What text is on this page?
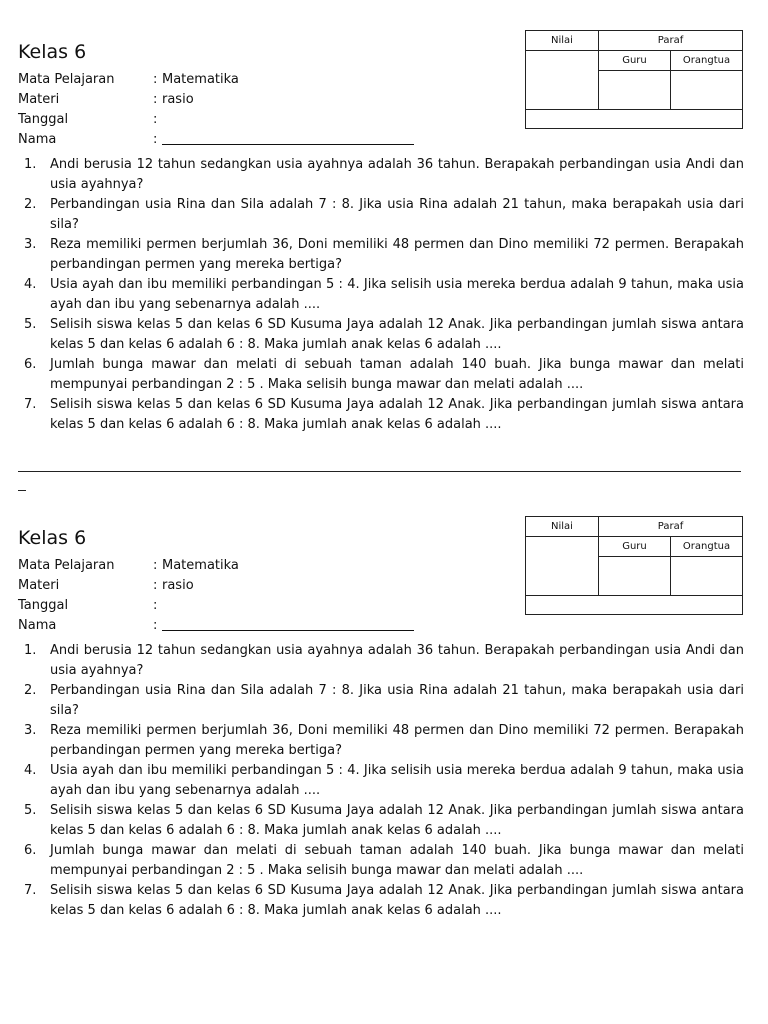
Kelas 6
Mata Pelajaran	: Matematika
Materi	: rasio
Tanggal	:
Nama	:
Nilai	Paraf
Guru	Orangtua
1. Andi berusia 12 tahun sedangkan usia ayahnya adalah 36 tahun. Berapakah perbandingan usia Andi dan usia ayahnya?
2. Perbandingan usia Rina dan Sila adalah 7 : 8. Jika usia Rina adalah 21 tahun, maka berapakah usia dari sila?
3. Reza memiliki permen berjumlah 36, Doni memiliki 48 permen dan Dino memiliki 72 permen. Berapakah perbandingan permen yang mereka bertiga?
4. Usia ayah dan ibu memiliki perbandingan 5 : 4. Jika selisih usia mereka berdua adalah 9 tahun, maka usia ayah dan ibu yang sebenarnya adalah ....
5. Selisih siswa kelas 5 dan kelas 6 SD Kusuma Jaya adalah 12 Anak. Jika perbandingan jumlah siswa antara kelas 5 dan kelas 6 adalah 6 : 8. Maka jumlah anak kelas 6 adalah ....
6. Jumlah bunga mawar dan melati di sebuah taman adalah 140 buah. Jika bunga mawar dan melati mempunyai perbandingan 2 : 5 . Maka selisih bunga mawar dan melati adalah ....
7. Selisih siswa kelas 5 dan kelas 6 SD Kusuma Jaya adalah 12 Anak. Jika perbandingan jumlah siswa antara kelas 5 dan kelas 6 adalah 6 : 8. Maka jumlah anak kelas 6 adalah ....
Kelas 6
Mata Pelajaran	: Matematika
Materi	: rasio
Tanggal	:
Nama	:
Nilai	Paraf
Guru	Orangtua
1. Andi berusia 12 tahun sedangkan usia ayahnya adalah 36 tahun. Berapakah perbandingan usia Andi dan usia ayahnya?
2. Perbandingan usia Rina dan Sila adalah 7 : 8. Jika usia Rina adalah 21 tahun, maka berapakah usia dari sila?
3. Reza memiliki permen berjumlah 36, Doni memiliki 48 permen dan Dino memiliki 72 permen. Berapakah perbandingan permen yang mereka bertiga?
4. Usia ayah dan ibu memiliki perbandingan 5 : 4. Jika selisih usia mereka berdua adalah 9 tahun, maka usia ayah dan ibu yang sebenarnya adalah ....
5. Selisih siswa kelas 5 dan kelas 6 SD Kusuma Jaya adalah 12 Anak. Jika perbandingan jumlah siswa antara kelas 5 dan kelas 6 adalah 6 : 8. Maka jumlah anak kelas 6 adalah ....
6. Jumlah bunga mawar dan melati di sebuah taman adalah 140 buah. Jika bunga mawar dan melati mempunyai perbandingan 2 : 5 . Maka selisih bunga mawar dan melati adalah ....
7. Selisih siswa kelas 5 dan kelas 6 SD Kusuma Jaya adalah 12 Anak. Jika perbandingan jumlah siswa antara kelas 5 dan kelas 6 adalah 6 : 8. Maka jumlah anak kelas 6 adalah ....
